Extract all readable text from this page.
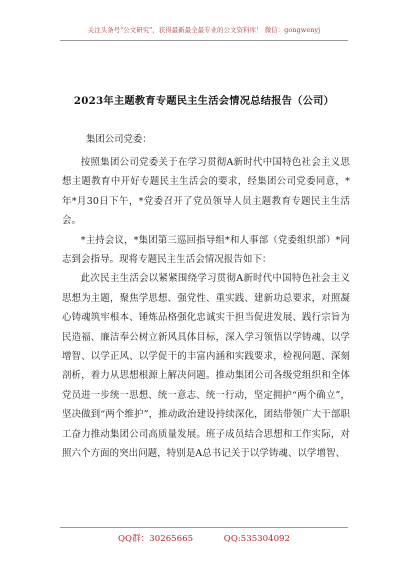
关注头条号"公文研究"，获得最新最全最专业的公文资料库！ 微信：gongwenyj
2023年主题教育专题民主生活会情况总结报告（公司）
集团公司党委：

按照集团公司党委关于在学习贯彻A新时代中国特色社会主义思想主题教育中开好专题民主生活会的要求，经集团公司党委同意，*年*月30日下午，*党委召开了党员领导人员主题教育专题民主生活会。

*主持会议，*集团第三巡回指导组*和人事部（党委组织部）*同志到会指导。现将专题民主生活会情况报告如下：

此次民主生活会以紧紧围绕学习贯彻A新时代中国特色社会主义思想为主题，聚焦学思想、强党性、重实践、建新功总要求，对照凝心铸魂筑牢根本、锤炼品格强化忠诚实干担当促进发展、践行宗旨为民造福、廉洁奉公树立新风具体目标，深入学习领悟以学铸魂、以学增智、以学正风、以学促干的丰富内涵和实践要求，检视问题、深刻剖析，着力从思想根源上解决问题。推动集团公司各级党组织和全体党员进一步统一思想、统一意志、统一行动，坚定拥护“两个确立”，坚决做到“两个维护”，推动政治建设持续深化，团结带领广大干部职工奋力推动集团公司高质量发展。班子成员结合思想和工作实际，对照六个方面的突出问题，特别是A总书记关于以学铸魂、以学增智、

QQ群：30265665	QQ:535304092
